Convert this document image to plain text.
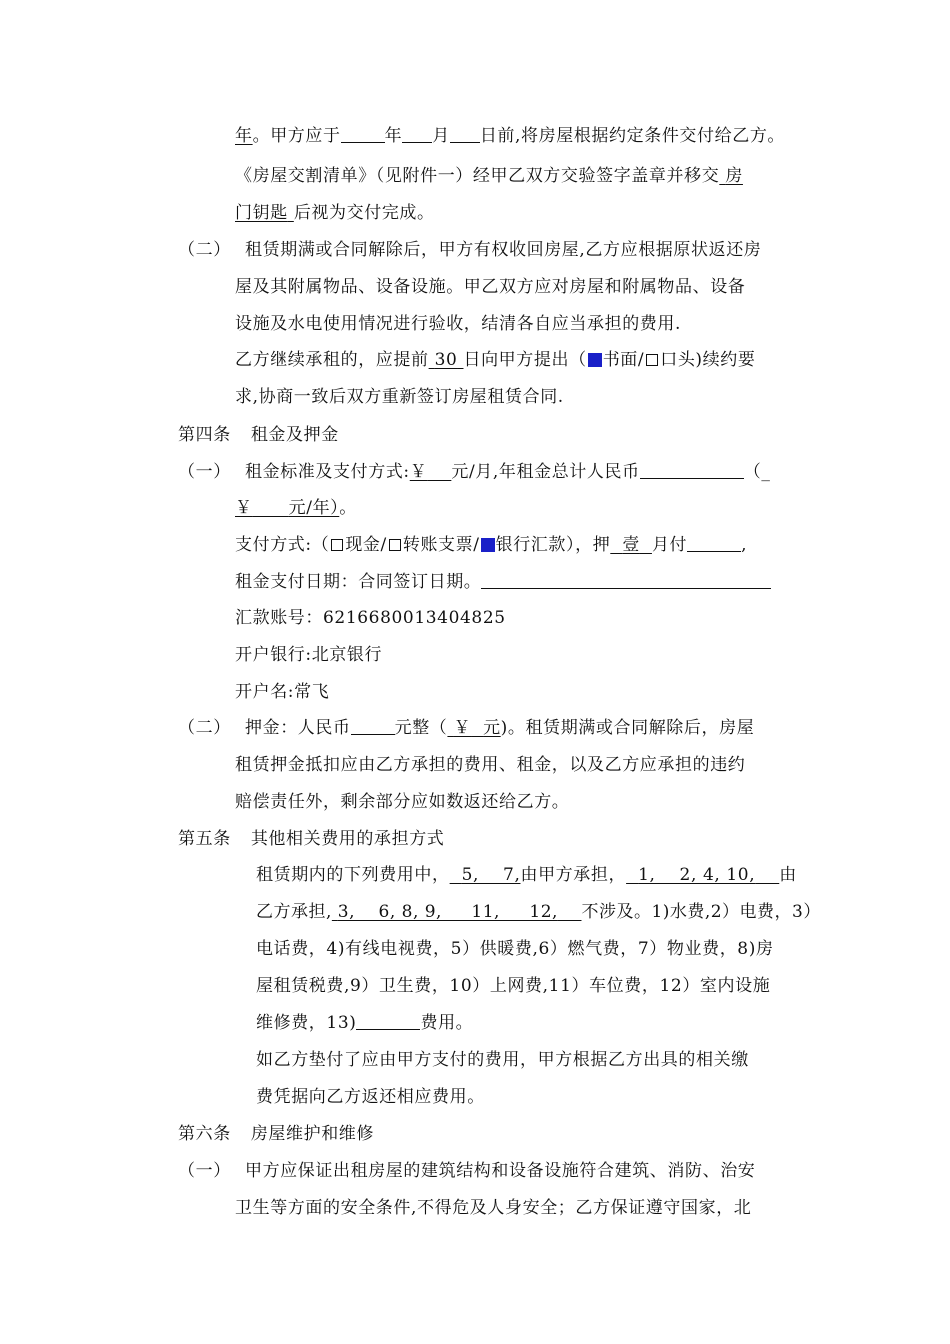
年。甲方应于	年 月 日前,将房屋根据约定条件交付给乙方。
《房屋交割清单》（见附件一）经甲乙双方交验签字盖章并移交 房
门钥匙 后视为交付完成。
（二） 租赁期满或合同解除后，甲方有权收回房屋,乙方应根据原状返还房
屋及其附属物品、设备设施。甲乙双方应对房屋和附属物品、设备
设施及水电使用情况进行验收，结清各自应当承担的费用.
乙方继续承租的，应提前 30 日向甲方提出（ 书面/ 口头)续约要
求,协商一致后双方重新签订房屋租赁合同.
第四条 租金及押金
（一） 租金标准及支付方式:￥ 元/月,年租金总计人民币	（_
￥ 元/年）。
支付方式:（ 现金/ 转账支票/ 银行汇款），押 壹 月付	,
租金支付日期：合同签订日期。
汇款账号：6216680013404825
开户银行:北京银行
开户名:常飞
（二） 押金：人民币	元整（ ￥ 元)。租赁期满或合同解除后，房屋
租赁押金抵扣应由乙方承担的费用、租金，以及乙方应承担的违约
赔偿责任外，剩余部分应如数返还给乙方。
第五条 其他相关费用的承担方式
租赁期内的下列费用中， 5,    7,由甲方承担， 1,    2, 4, 10, 由
乙方承担, 3,    6, 8, 9,     11,     12, 不涉及。1)水费,2）电费，3）
电话费，4)有线电视费，5）供暖费,6）燃气费，7）物业费，8)房
屋租赁税费,9）卫生费，10）上网费,11）车位费，12）室内设施
维修费，13)	费用。
如乙方垫付了应由甲方支付的费用，甲方根据乙方出具的相关缴
费凭据向乙方返还相应费用。
第六条 房屋维护和维修
（一） 甲方应保证出租房屋的建筑结构和设备设施符合建筑、消防、治安
卫生等方面的安全条件,不得危及人身安全；乙方保证遵守国家，北
